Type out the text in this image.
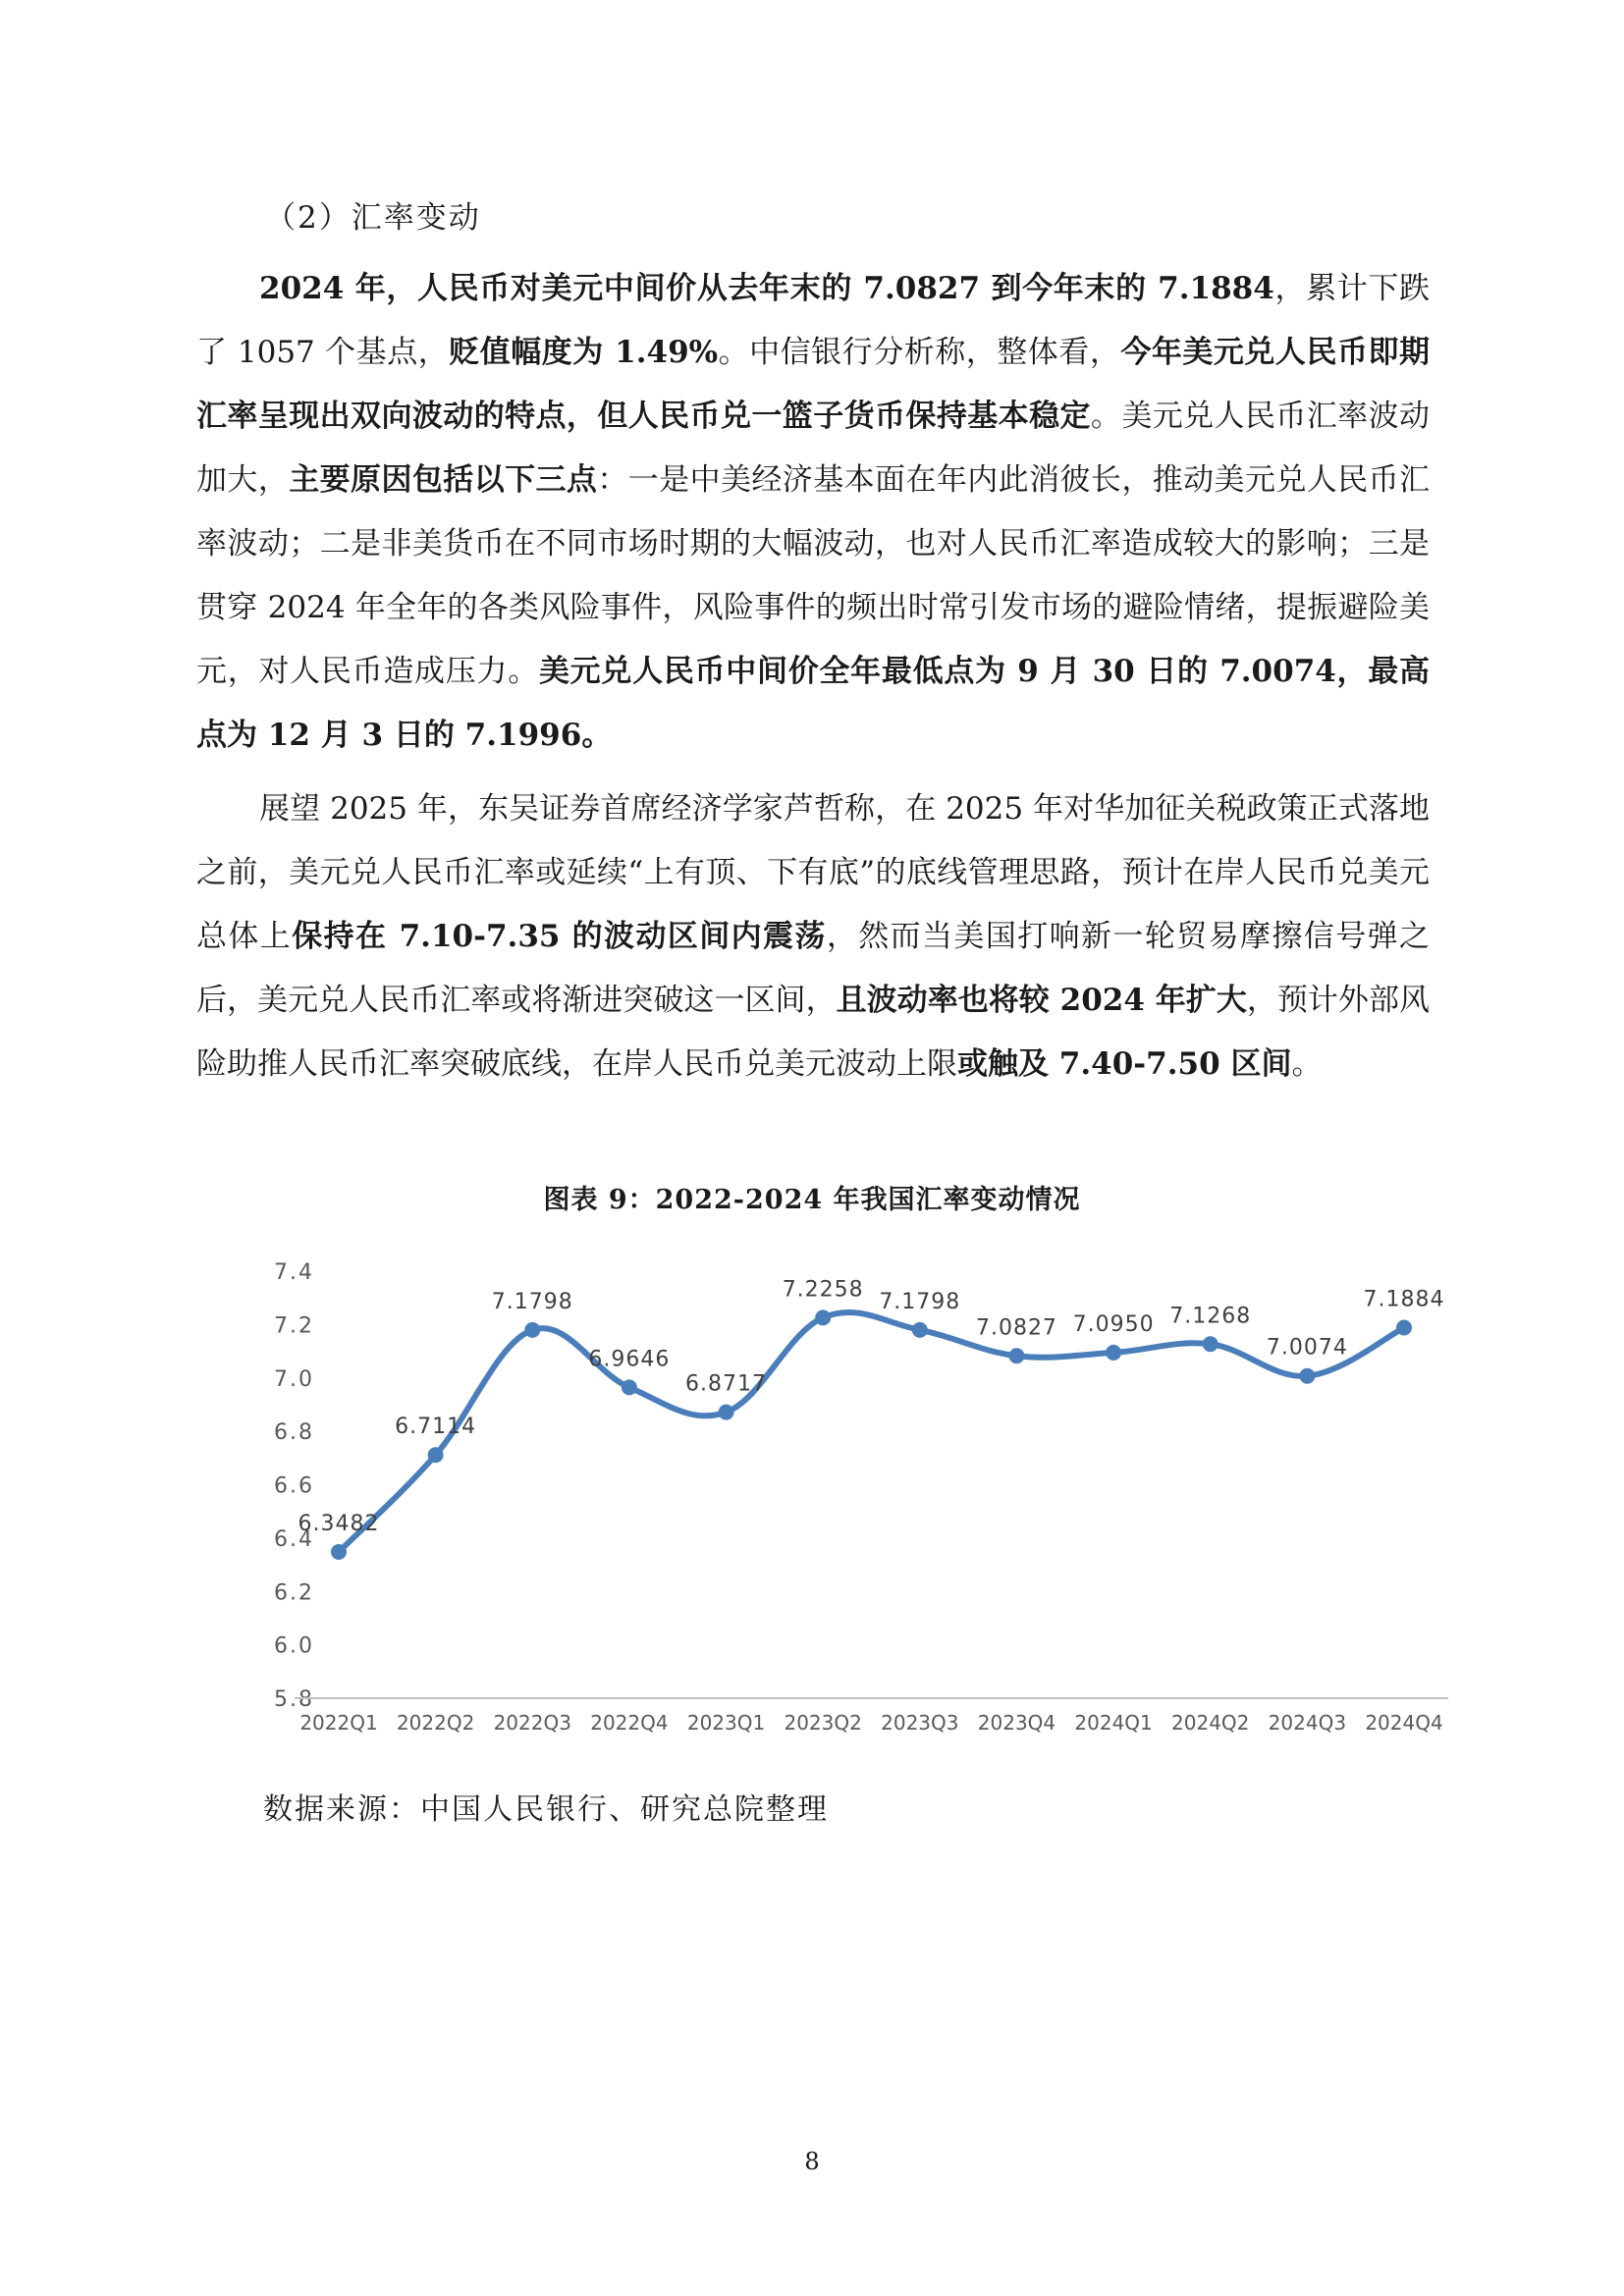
（2）汇率变动

2024 年，人民币对美元中间价从去年末的 7.0827 到今年末的 7.1884，累计下跌了 1057 个基点，贬值幅度为 1.49%。中信银行分析称，整体看，今年美元兑人民币即期汇率呈现出双向波动的特点，但人民币兑一篮子货币保持基本稳定。美元兑人民币汇率波动加大，主要原因包括以下三点：一是中美经济基本面在年内此消彼长，推动美元兑人民币汇率波动；二是非美货币在不同市场时期的大幅波动，也对人民币汇率造成较大的影响；三是贯穿 2024 年全年的各类风险事件，风险事件的频出时常引发市场的避险情绪，提振避险美元，对人民币造成压力。美元兑人民币中间价全年最低点为 9 月 30 日的 7.0074，最高点为 12 月 3 日的 7.1996。

展望 2025 年，东吴证券首席经济学家芦哲称，在 2025 年对华加征关税政策正式落地之前，美元兑人民币汇率或延续“上有顶、下有底”的底线管理思路，预计在岸人民币兑美元总体上保持在 7.10-7.35 的波动区间内震荡，然而当美国打响新一轮贸易摩擦信号弹之后，美元兑人民币汇率或将渐进突破这一区间，且波动率也将较 2024 年扩大，预计外部风险助推人民币汇率突破底线，在岸人民币兑美元波动上限或触及 7.40-7.50 区间。

图表 9：2022-2024 年我国汇率变动情况
5.8
6.0
6.2
6.4
6.6
6.8
7.0
7.2
7.4
2022Q1 2022Q2 2022Q3 2022Q4 2023Q1 2023Q2 2023Q3 2023Q4 2024Q1 2024Q2 2024Q3 2024Q4
6.3482
6.7114
7.1798
6.9646
6.8717
7.2258
7.1798
7.0827 7.0950 7.1268
7.0074
7.1884
数据来源：中国人民银行、研究总院整理
8
